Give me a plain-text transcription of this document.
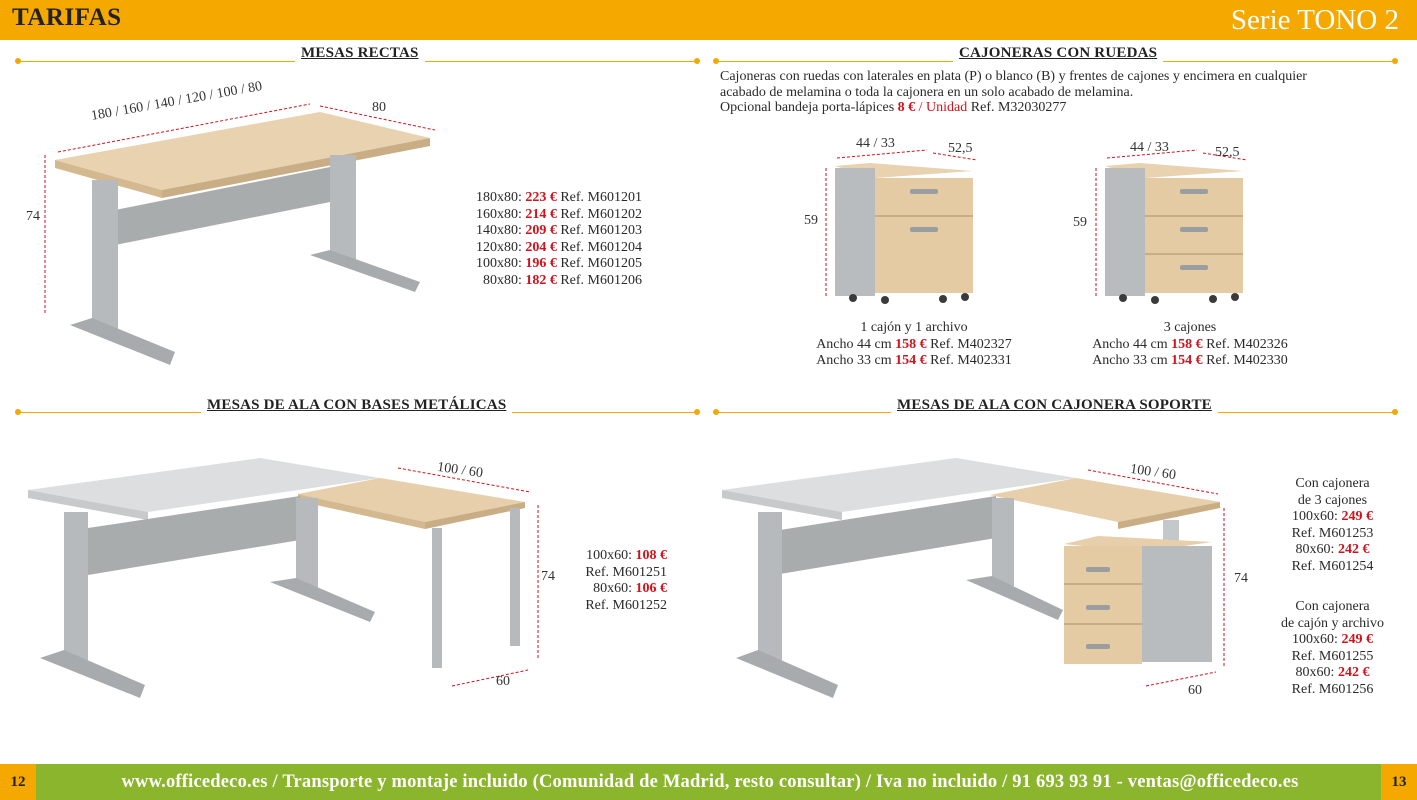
TARIFAS	Serie TONO 2
MESAS RECTAS	CAJONERAS CON RUEDAS
MESAS DE ALA CON BASES METÁLICAS	MESAS DE ALA CON CAJONERA SOPORTE
180 / 160 / 140 / 120 / 100 / 80	80
74
180x80: 223 € Ref. M601201
160x80: 214 € Ref. M601202
140x80: 209 € Ref. M601203
120x80: 204 € Ref. M601204
100x80: 196 € Ref. M601205
80x80: 182 € Ref. M601206
Cajoneras con ruedas con laterales en plata (P) o blanco (B) y frentes de cajones y encimera en cualquier
acabado de melamina o toda la cajonera en un solo acabado de melamina.
Opcional bandeja porta-lápices 8 € / Unidad Ref. M32030277
44 / 33	52,5
59
1 cajón y 1 archivo
Ancho 44 cm 158 € Ref. M402327
Ancho 33 cm 154 € Ref. M402331
44 / 33	52,5
59
3 cajones
Ancho 44 cm 158 € Ref. M402326
Ancho 33 cm 154 € Ref. M402330
100 / 60
74
60
100x60: 108 €
Ref. M601251
80x60: 106 €
Ref. M601252
100 / 60
74
60
Con cajonera
de 3 cajones
100x60: 249 €
Ref. M601253
80x60: 242 €
Ref. M601254
Con cajonera
de cajón y archivo
100x60: 249 €
Ref. M601255
80x60: 242 €
Ref. M601256
12	13
www.officedeco.es / Transporte y montaje incluido (Comunidad de Madrid, resto consultar) / Iva no incluido / 91 693 93 91 - ventas@officedeco.es
